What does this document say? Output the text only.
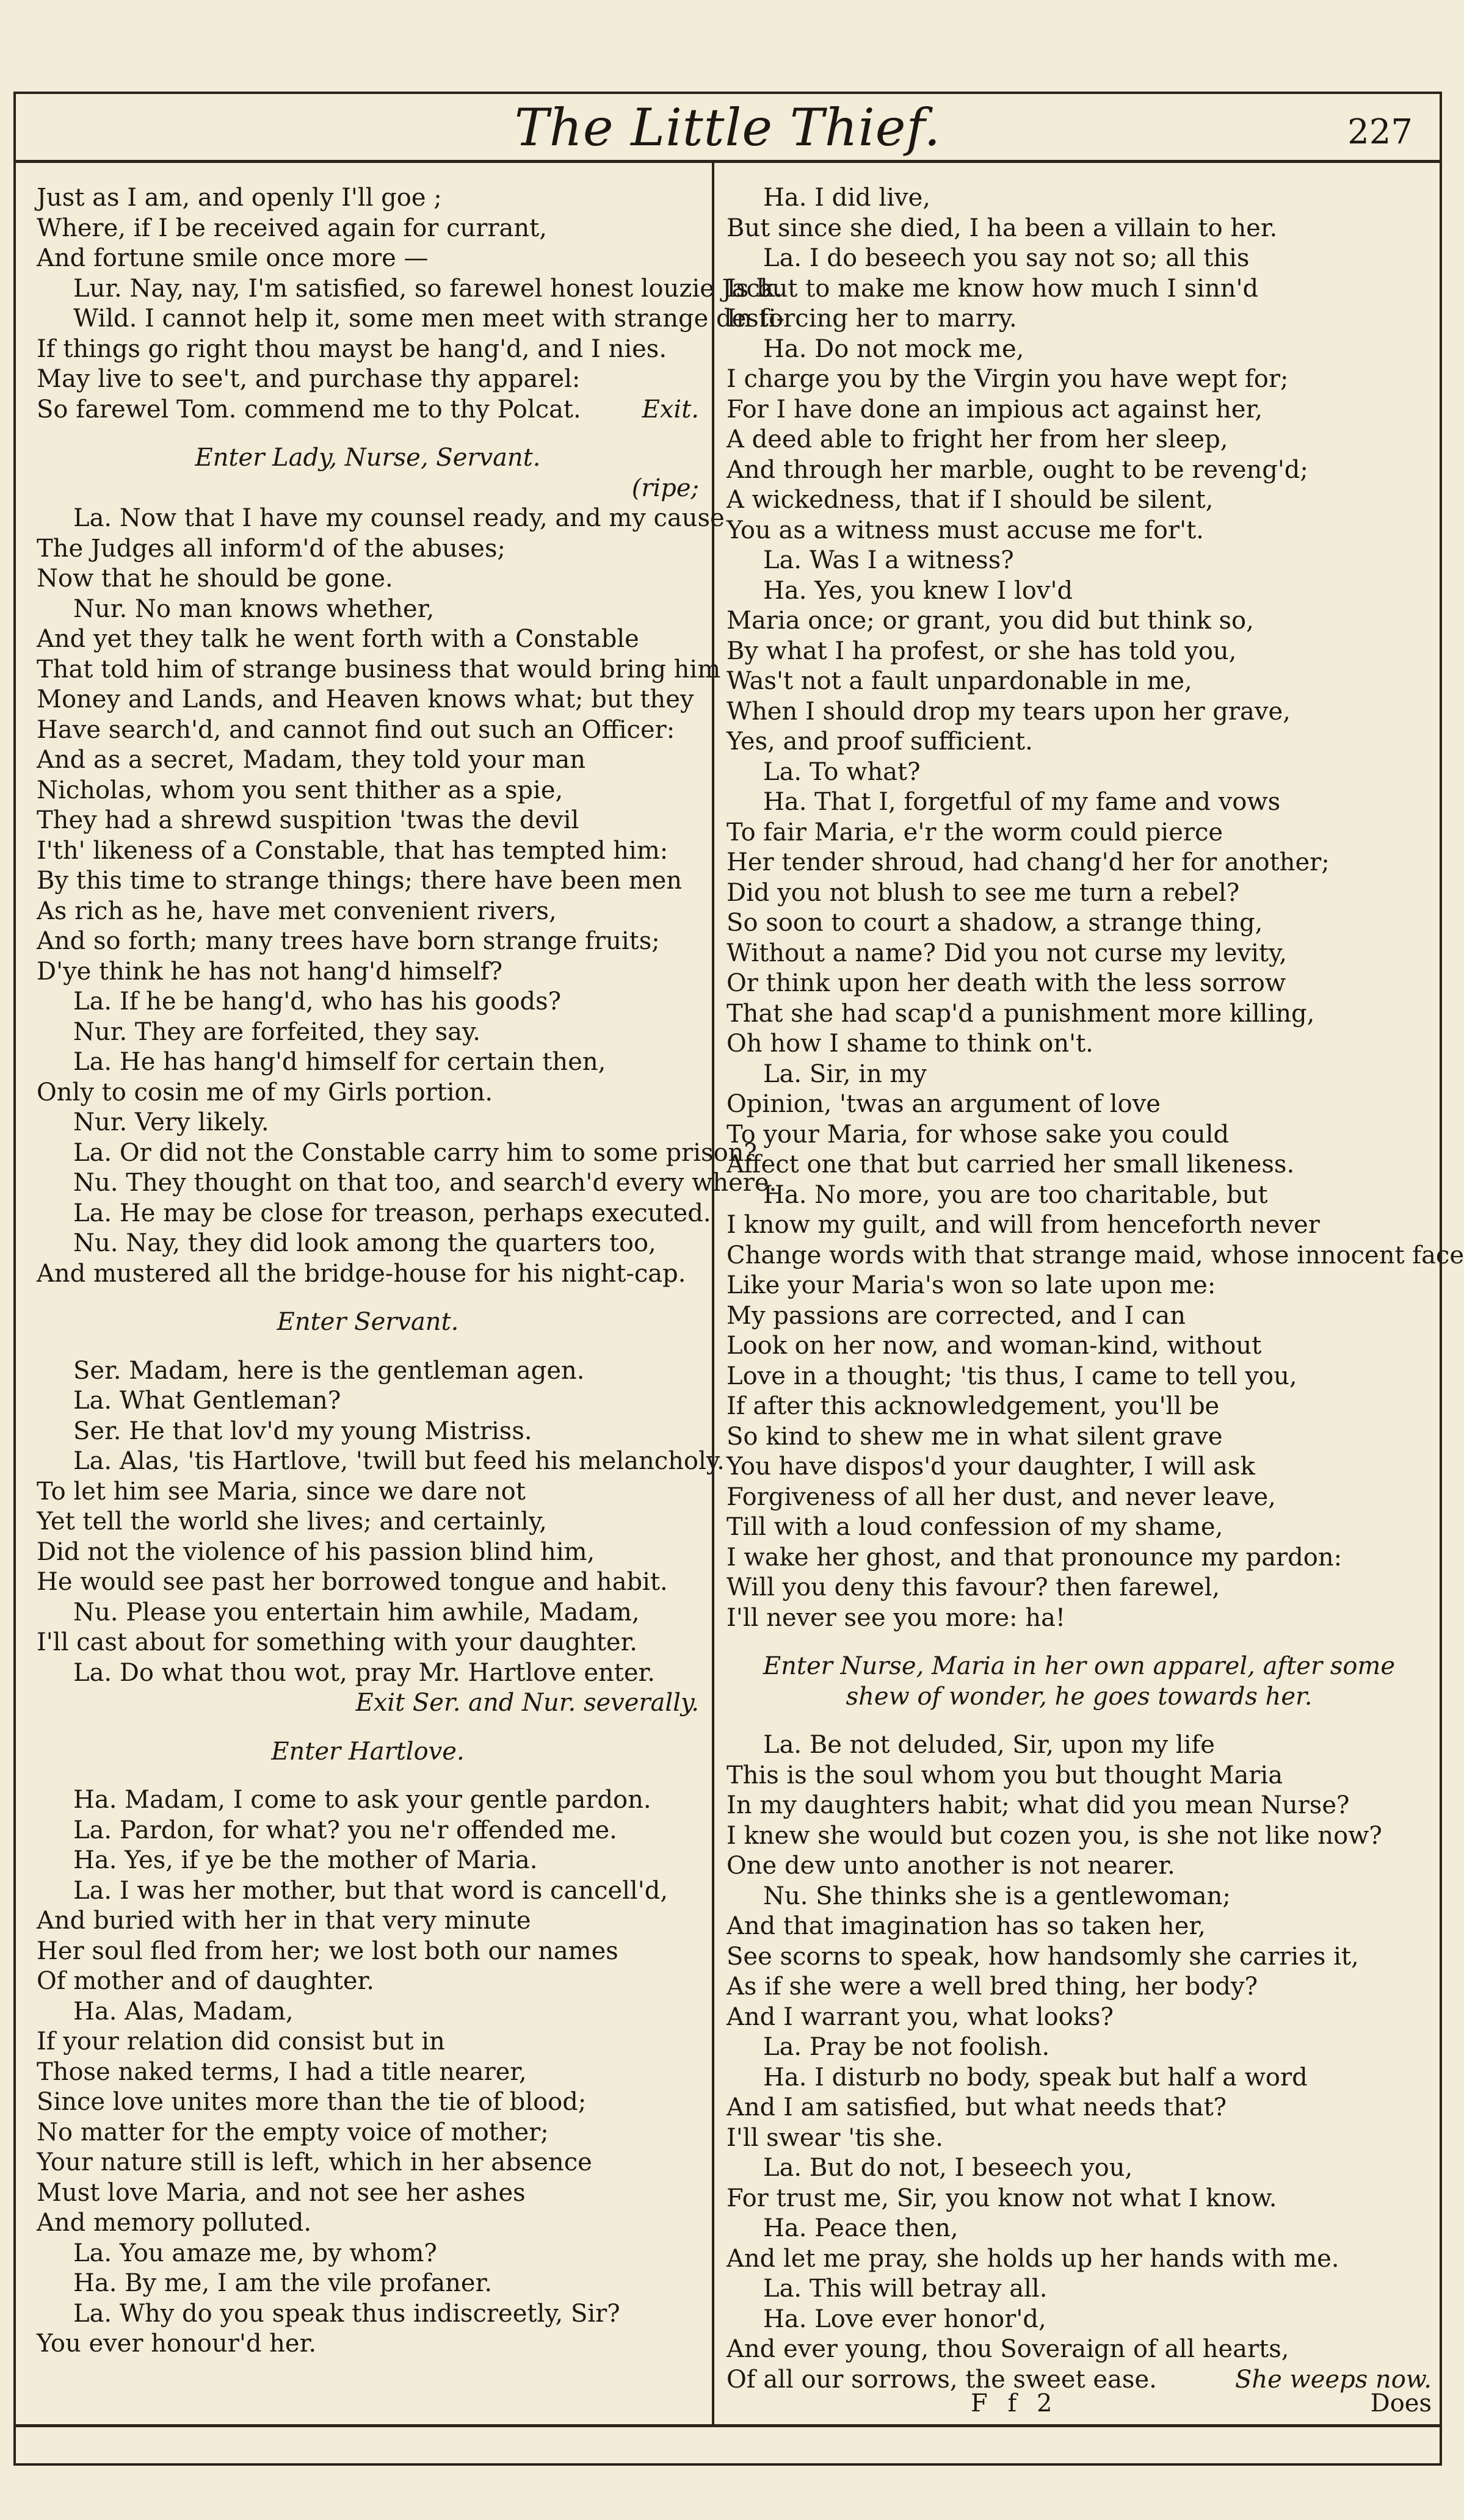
The Little Thief.	227
Just as I am, and openly I'll goe ;
Where, if I be received again for currant,
And fortune smile once more —
Lur. Nay, nay, I'm satisfied, so farewel honest louzie Jack.
Wild. I cannot help it, some men meet with strange desti-
If things go right thou mayst be hang'd, and I nies.
May live to see't, and purchase thy apparel:
So farewel Tom. commend me to thy Polcat. Exit.
Enter Lady, Nurse, Servant.
(ripe;
La. Now that I have my counsel ready, and my cause
The Judges all inform'd of the abuses;
Now that he should be gone.
Nur. No man knows whether,
And yet they talk he went forth with a Constable
That told him of strange business that would bring him
Money and Lands, and Heaven knows what; but they
Have search'd, and cannot find out such an Officer:
And as a secret, Madam, they told your man
Nicholas, whom you sent thither as a spie,
They had a shrewd suspition 'twas the devil
I'th' likeness of a Constable, that has tempted him:
By this time to strange things; there have been men
As rich as he, have met convenient rivers,
And so forth; many trees have born strange fruits;
D'ye think he has not hang'd himself?
La. If he be hang'd, who has his goods?
Nur. They are forfeited, they say.
La. He has hang'd himself for certain then,
Only to cosin me of my Girls portion.
Nur. Very likely.
La. Or did not the Constable carry him to some prison?
Nu. They thought on that too, and search'd every where.
La. He may be close for treason, perhaps executed.
Nu. Nay, they did look among the quarters too,
And mustered all the bridge-house for his night-cap.
Enter Servant.
Ser. Madam, here is the gentleman agen.
La. What Gentleman?
Ser. He that lov'd my young Mistriss.
La. Alas, 'tis Hartlove, 'twill but feed his melancholy.
To let him see Maria, since we dare not
Yet tell the world she lives; and certainly,
Did not the violence of his passion blind him,
He would see past her borrowed tongue and habit.
Nu. Please you entertain him awhile, Madam,
I'll cast about for something with your daughter.
La. Do what thou wot, pray Mr. Hartlove enter.
Exit Ser. and Nur. severally.
Enter Hartlove.
Ha. Madam, I come to ask your gentle pardon.
La. Pardon, for what? you ne'r offended me.
Ha. Yes, if ye be the mother of Maria.
La. I was her mother, but that word is cancell'd,
And buried with her in that very minute
Her soul fled from her; we lost both our names
Of mother and of daughter.
Ha. Alas, Madam,
If your relation did consist but in
Those naked terms, I had a title nearer,
Since love unites more than the tie of blood;
No matter for the empty voice of mother;
Your nature still is left, which in her absence
Must love Maria, and not see her ashes
And memory polluted.
La. You amaze me, by whom?
Ha. By me, I am the vile profaner.
La. Why do you speak thus indiscreetly, Sir?
You ever honour'd her.
Ha. I did live,
But since she died, I ha been a villain to her.
La. I do beseech you say not so; all this
Is but to make me know how much I sinn'd
In forcing her to marry.
Ha. Do not mock me,
I charge you by the Virgin you have wept for;
For I have done an impious act against her,
A deed able to fright her from her sleep,
And through her marble, ought to be reveng'd;
A wickedness, that if I should be silent,
You as a witness must accuse me for't.
La. Was I a witness?
Ha. Yes, you knew I lov'd
Maria once; or grant, you did but think so,
By what I ha profest, or she has told you,
Was't not a fault unpardonable in me,
When I should drop my tears upon her grave,
Yes, and proof sufficient.
La. To what?
Ha. That I, forgetful of my fame and vows
To fair Maria, e'r the worm could pierce
Her tender shroud, had chang'd her for another;
Did you not blush to see me turn a rebel?
So soon to court a shadow, a strange thing,
Without a name? Did you not curse my levity,
Or think upon her death with the less sorrow
That she had scap'd a punishment more killing,
Oh how I shame to think on't.
La. Sir, in my
Opinion, 'twas an argument of love
To your Maria, for whose sake you could
Affect one that but carried her small likeness.
Ha. No more, you are too charitable, but
I know my guilt, and will from henceforth never
Change words with that strange maid, whose innocent face
Like your Maria's won so late upon me:
My passions are corrected, and I can
Look on her now, and woman-kind, without
Love in a thought; 'tis thus, I came to tell you,
If after this acknowledgement, you'll be
So kind to shew me in what silent grave
You have dispos'd your daughter, I will ask
Forgiveness of all her dust, and never leave,
Till with a loud confession of my shame,
I wake her ghost, and that pronounce my pardon:
Will you deny this favour? then farewel,
I'll never see you more: ha!
Enter Nurse, Maria in her own apparel, after some
shew of wonder, he goes towards her.
La. Be not deluded, Sir, upon my life
This is the soul whom you but thought Maria
In my daughters habit; what did you mean Nurse?
I knew she would but cozen you, is she not like now?
One dew unto another is not nearer.
Nu. She thinks she is a gentlewoman;
And that imagination has so taken her,
See scorns to speak, how handsomly she carries it,
As if she were a well bred thing, her body?
And I warrant you, what looks?
La. Pray be not foolish.
Ha. I disturb no body, speak but half a word
And I am satisfied, but what needs that?
I'll swear 'tis she.
La. But do not, I beseech you,
For trust me, Sir, you know not what I know.
Ha. Peace then,
And let me pray, she holds up her hands with me.
La. This will betray all.
Ha. Love ever honor'd,
And ever young, thou Soveraign of all hearts,
Of all our sorrows, the sweet ease.	She weeps now.
F f 2	Does
